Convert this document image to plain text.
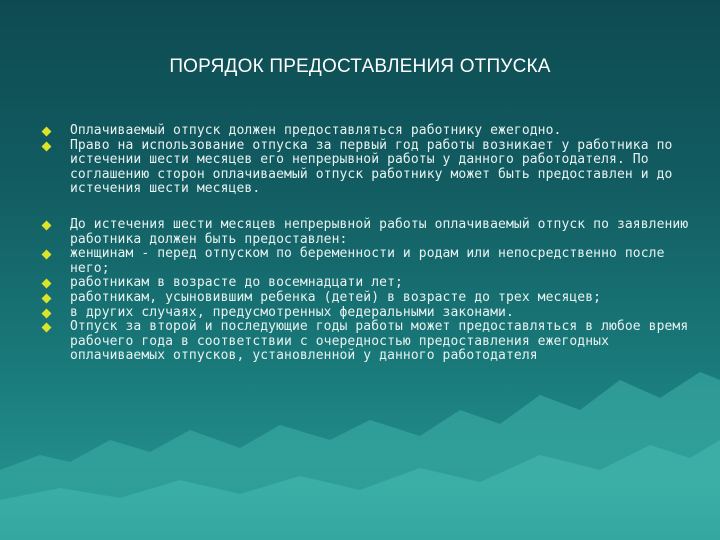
ПОРЯДОК ПРЕДОСТАВЛЕНИЯ ОТПУСКА
Оплачиваемый отпуск должен предоставляться работнику ежегодно.
Право на использование отпуска за первый год работы возникает у работника по истечении шести месяцев его непрерывной работы у данного работодателя. По соглашению сторон оплачиваемый отпуск работнику может быть предоставлен и до истечения шести месяцев.
До истечения шести месяцев непрерывной работы оплачиваемый отпуск по заявлению работника должен быть предоставлен:
женщинам - перед отпуском по беременности и родам или непосредственно после него;
работникам в возрасте до восемнадцати лет;
работникам, усыновившим ребенка (детей) в возрасте до трех месяцев;
в других случаях, предусмотренных федеральными законами.
Отпуск за второй и последующие годы работы может предоставляться в любое время рабочего года в соответствии с очередностью предоставления ежегодных оплачиваемых отпусков, установленной у данного работодателя
